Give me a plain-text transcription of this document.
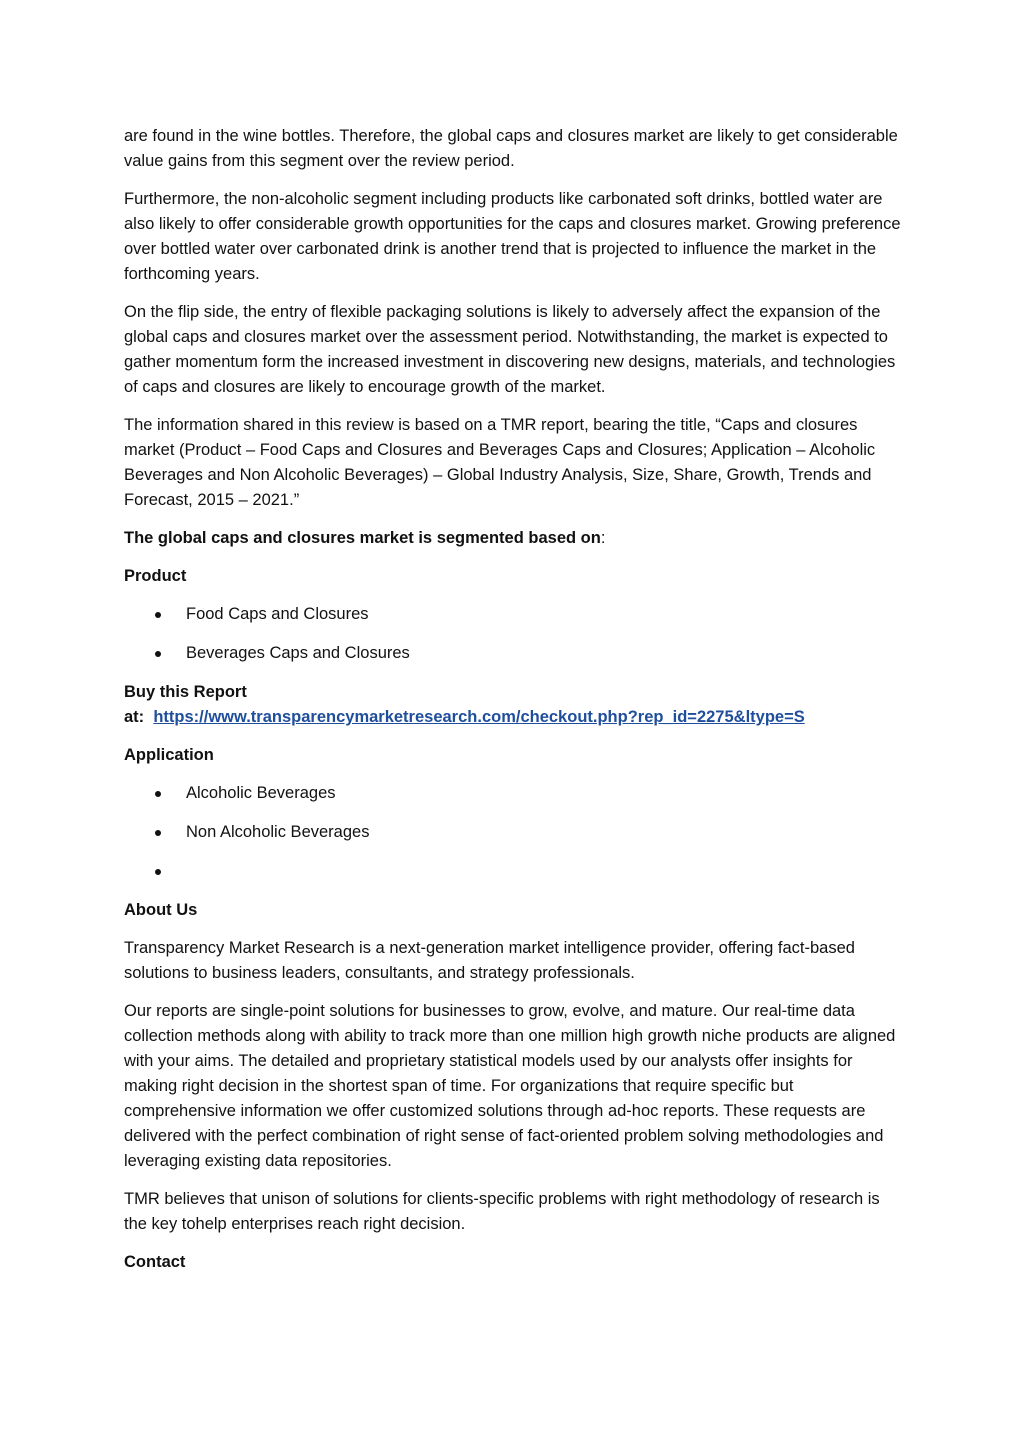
are found in the wine bottles. Therefore, the global caps and closures market are likely to get considerable value gains from this segment over the review period.

Furthermore, the non-alcoholic segment including products like carbonated soft drinks, bottled water are also likely to offer considerable growth opportunities for the caps and closures market. Growing preference over bottled water over carbonated drink is another trend that is projected to influence the market in the forthcoming years.

On the flip side, the entry of flexible packaging solutions is likely to adversely affect the expansion of the global caps and closures market over the assessment period. Notwithstanding, the market is expected to gather momentum form the increased investment in discovering new designs, materials, and technologies of caps and closures are likely to encourage growth of the market.

The information shared in this review is based on a TMR report, bearing the title, “Caps and closures market (Product – Food Caps and Closures and Beverages Caps and Closures; Application – Alcoholic Beverages and Non Alcoholic Beverages) – Global Industry Analysis, Size, Share, Growth, Trends and Forecast, 2015 – 2021.”

The global caps and closures market is segmented based on:

Product

Food Caps and Closures
Beverages Caps and Closures
Buy this Report
at: https://www.transparencymarketresearch.com/checkout.php?rep_id=2275&ltype=S

Application

Alcoholic Beverages
Non Alcoholic Beverages

About Us

Transparency Market Research is a next-generation market intelligence provider, offering fact-based solutions to business leaders, consultants, and strategy professionals.

Our reports are single-point solutions for businesses to grow, evolve, and mature. Our real-time data collection methods along with ability to track more than one million high growth niche products are aligned with your aims. The detailed and proprietary statistical models used by our analysts offer insights for making right decision in the shortest span of time. For organizations that require specific but comprehensive information we offer customized solutions through ad-hoc reports. These requests are delivered with the perfect combination of right sense of fact-oriented problem solving methodologies and leveraging existing data repositories.

TMR believes that unison of solutions for clients-specific problems with right methodology of research is the key tohelp enterprises reach right decision.

Contact
